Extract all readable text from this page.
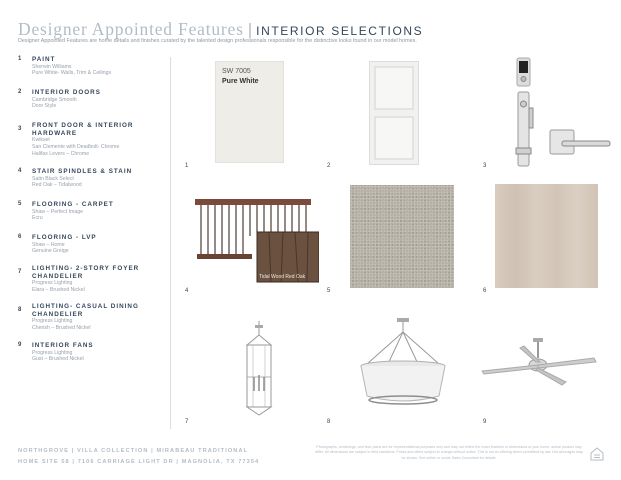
Designer Appointed Features | INTERIOR SELECTIONS
Designer Appointed Features are home details and finishes curated by the talented design professionals responsible for the distinctive looks found in our model homes.
1 PAINT
Sherwin Williams
Pure White- Walls, Trim & Ceilings
2 INTERIOR DOORS
Cambridge Smooth
Door Style
3 FRONT DOOR & INTERIOR
HARDWARE
Kwikset
San Clemente with Deadbolt- Chrome
Halifax Levers – Chrome
4 STAIR SPINDLES & STAIN
Satin Black Select
Red Oak – Tidalwood
5 FLOORING - CARPET
Shaw – Perfect Image
Ecru
6 FLOORING - LVP
Shaw – Home
Genuine Greige
7 LIGHTING- 2-STORY FOYER
CHANDELIER
Progress Lighting
Elara – Brushed Nickel
8 LIGHTING- CASUAL DINING
CHANDELIER
Progress Lighting
Cherish – Brushed Nickel
9 INTERIOR FANS
Progress Lighting
Gust – Brushed Nickel
SW 7005
Pure White
1	2	3
Tidal Wood Red Oak
4	5	6
7	8	9
NORTHGROVE | VILLA COLLECTION | MIRABEAU TRADITIONAL
HOME SITE 58 | 7106 CARRIAGE LIGHT DR | MAGNOLIA, TX 77354
Photographs, renderings, and floor plans are for representational purposes only and may not reflect the exact features or dimensions of your home; actual product may differ. All dimensions are subject to field variations. Prices and offers subject to change without notice. This is not an offering where prohibited by law. Not all images may be shown. See online or onsite Sales Consultant for details.
